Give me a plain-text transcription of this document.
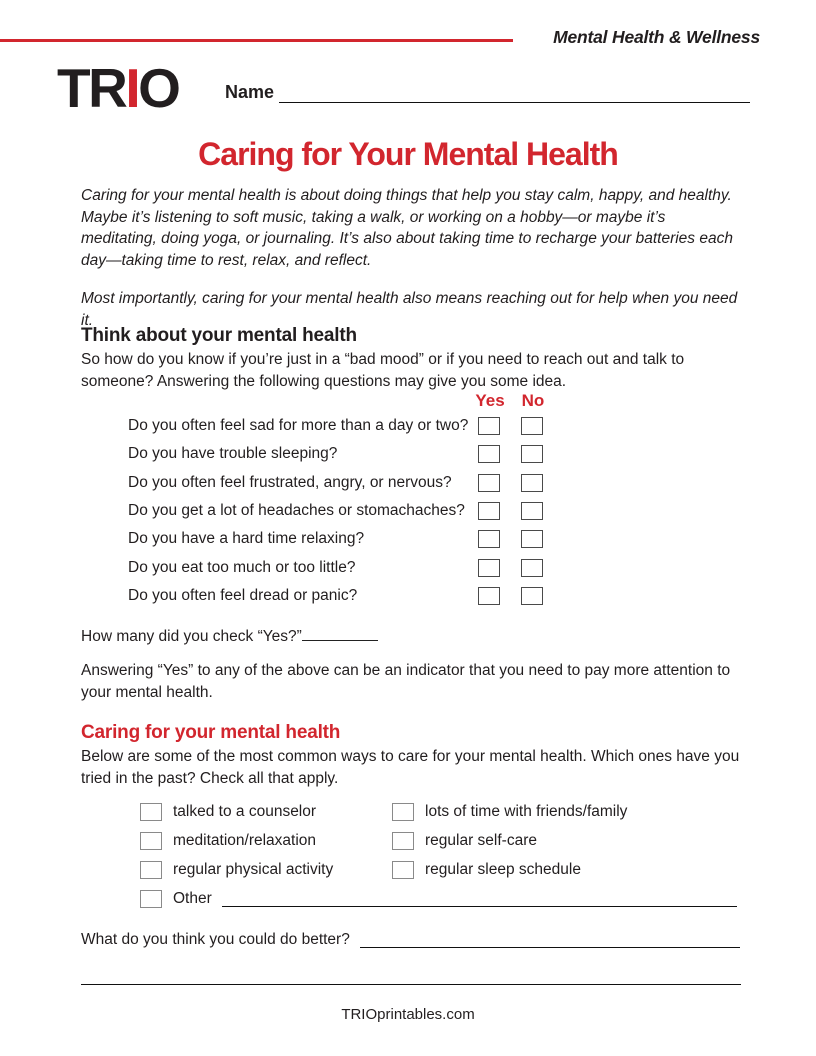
Mental Health & Wellness
TRIO	Name
Caring for Your Mental Health

Caring for your mental health is about doing things that help you stay calm, happy, and healthy. Maybe it’s listening to soft music, taking a walk, or working on a hobby—or maybe it’s meditating, doing yoga, or journaling. It’s also about taking time to recharge your batteries each day—taking time to rest, relax, and reflect.

Most importantly, caring for your mental health also means reaching out for help when you need it.

Think about your mental health

So how do you know if you’re just in a “bad mood” or if you need to reach out and talk to someone? Answering the following questions may give you some idea.

Yes	No
Do you often feel sad for more than a day or two?
Do you have trouble sleeping?
Do you often feel frustrated, angry, or nervous?
Do you get a lot of headaches or stomachaches?
Do you have a hard time relaxing?
Do you eat too much or too little?
Do you often feel dread or panic?
How many did you check “Yes?”

Answering “Yes” to any of the above can be an indicator that you need to pay more attention to your mental health.

Caring for your mental health

Below are some of the most common ways to care for your mental health. Which ones have you tried in the past? Check all that apply.

talked to a counselor
meditation/relaxation
regular physical activity
lots of time with friends/family
regular self-care
regular sleep schedule
Other
What do you think you could do better?
TRIOprintables.com
